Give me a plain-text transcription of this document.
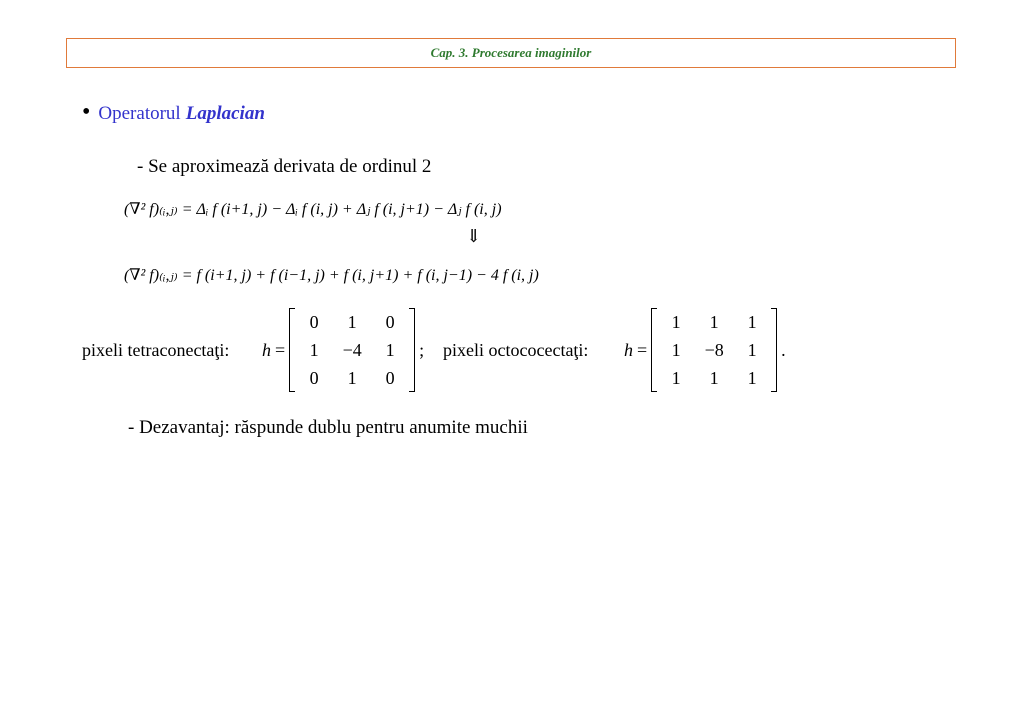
Cap. 3. Procesarea imaginilor
• Operatorul Laplacian
- Se aproximează derivata de ordinul 2
(∇² f)₍ᵢ,ⱼ₎ = Δᵢ f (i+1, j) − Δᵢ f (i, j) + Δⱼ f (i, j+1) − Δⱼ f (i, j)
⇓
(∇² f)₍ᵢ,ⱼ₎ = f (i+1, j) + f (i−1, j) + f (i, j+1) + f (i, j−1) − 4 f (i, j)
pixeli tetraconectaţi: h =
0	1	0
1	−4	1
0	1	0
; pixeli octococectaţi: h =
1	1	1
1	−8	1
1	1	1
.
- Dezavantaj: răspunde dublu pentru anumite muchii
